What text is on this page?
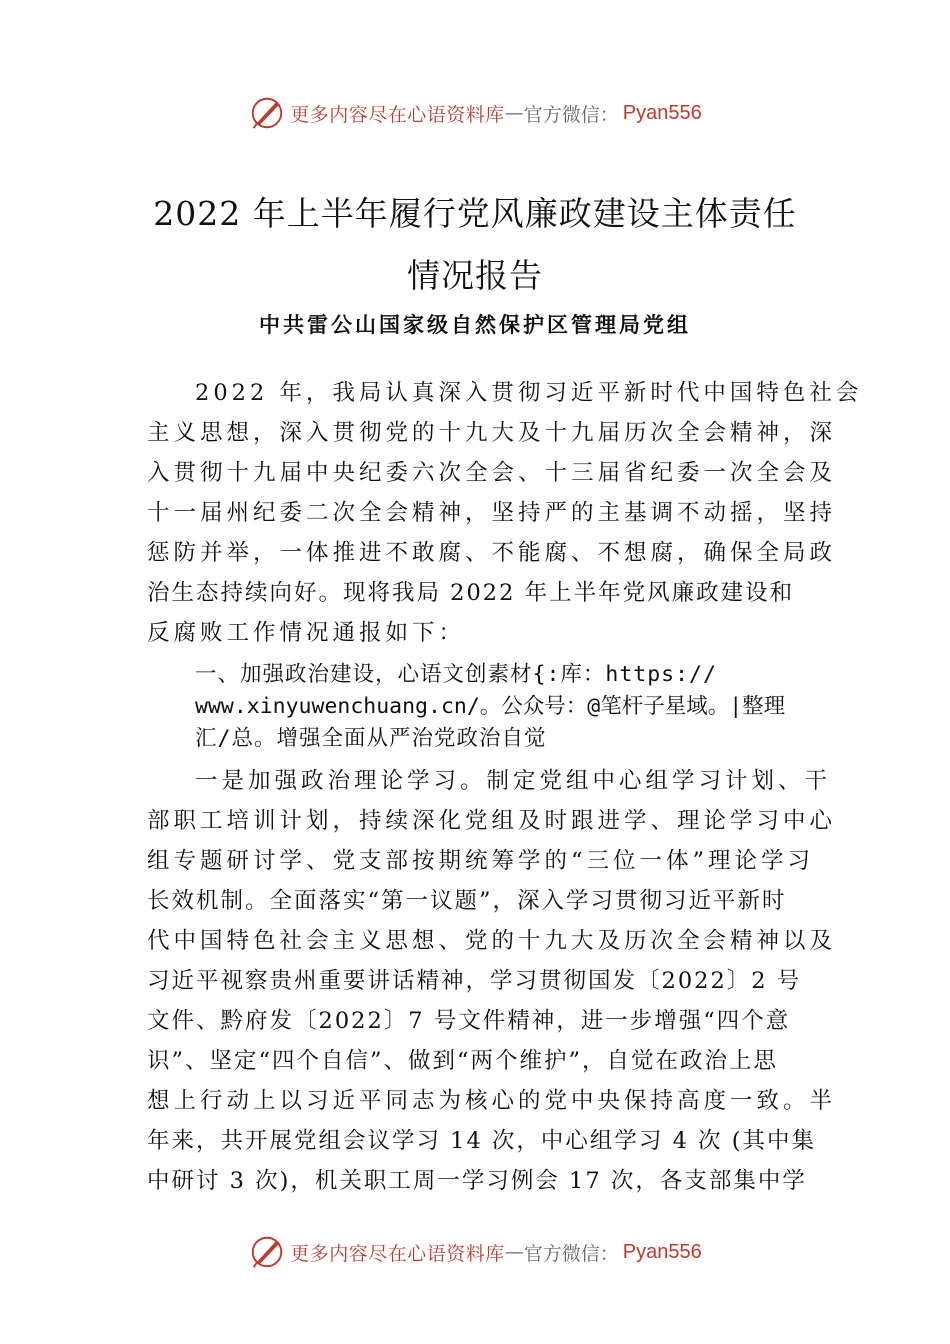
更多内容尽在心语资料库 — 官方微信： Pyan556
2022 年上半年履行党风廉政建设主体责任
情况报告
中共雷公山国家级自然保护区管理局党组
2022 年，我局认真深入贯彻习近平新时代中国特色社会
主义思想，深入贯彻党的十九大及十九届历次全会精神，深
入贯彻十九届中央纪委六次全会、十三届省纪委一次全会及
十一届州纪委二次全会精神，坚持严的主基调不动摇，坚持
惩防并举，一体推进不敢腐、不能腐、不想腐，确保全局政
治生态持续向好。现将我局 2022 年上半年党风廉政建设和
反腐败工作情况通报如下：
一、加强政治建设，心语文创素材{:库：https://
www.xinyuwenchuang.cn/。公众号：@笔杆子星域。|整理
汇/总。增强全面从严治党政治自觉
一是加强政治理论学习。制定党组中心组学习计划、干
部职工培训计划，持续深化党组及时跟进学、理论学习中心
组专题研讨学、党支部按期统筹学的“三位一体”理论学习
长效机制。全面落实“第一议题”，深入学习贯彻习近平新时
代中国特色社会主义思想、党的十九大及历次全会精神以及
习近平视察贵州重要讲话精神，学习贯彻国发〔2022〕2 号
文件、黔府发〔2022〕7 号文件精神，进一步增强“四个意
识”、坚定“四个自信”、做到“两个维护”，自觉在政治上思
想上行动上以习近平同志为核心的党中央保持高度一致。半
年来，共开展党组会议学习 14 次，中心组学习 4 次 (其中集
中研讨 3 次)，机关职工周一学习例会 17 次，各支部集中学
更多内容尽在心语资料库 — 官方微信： Pyan556
